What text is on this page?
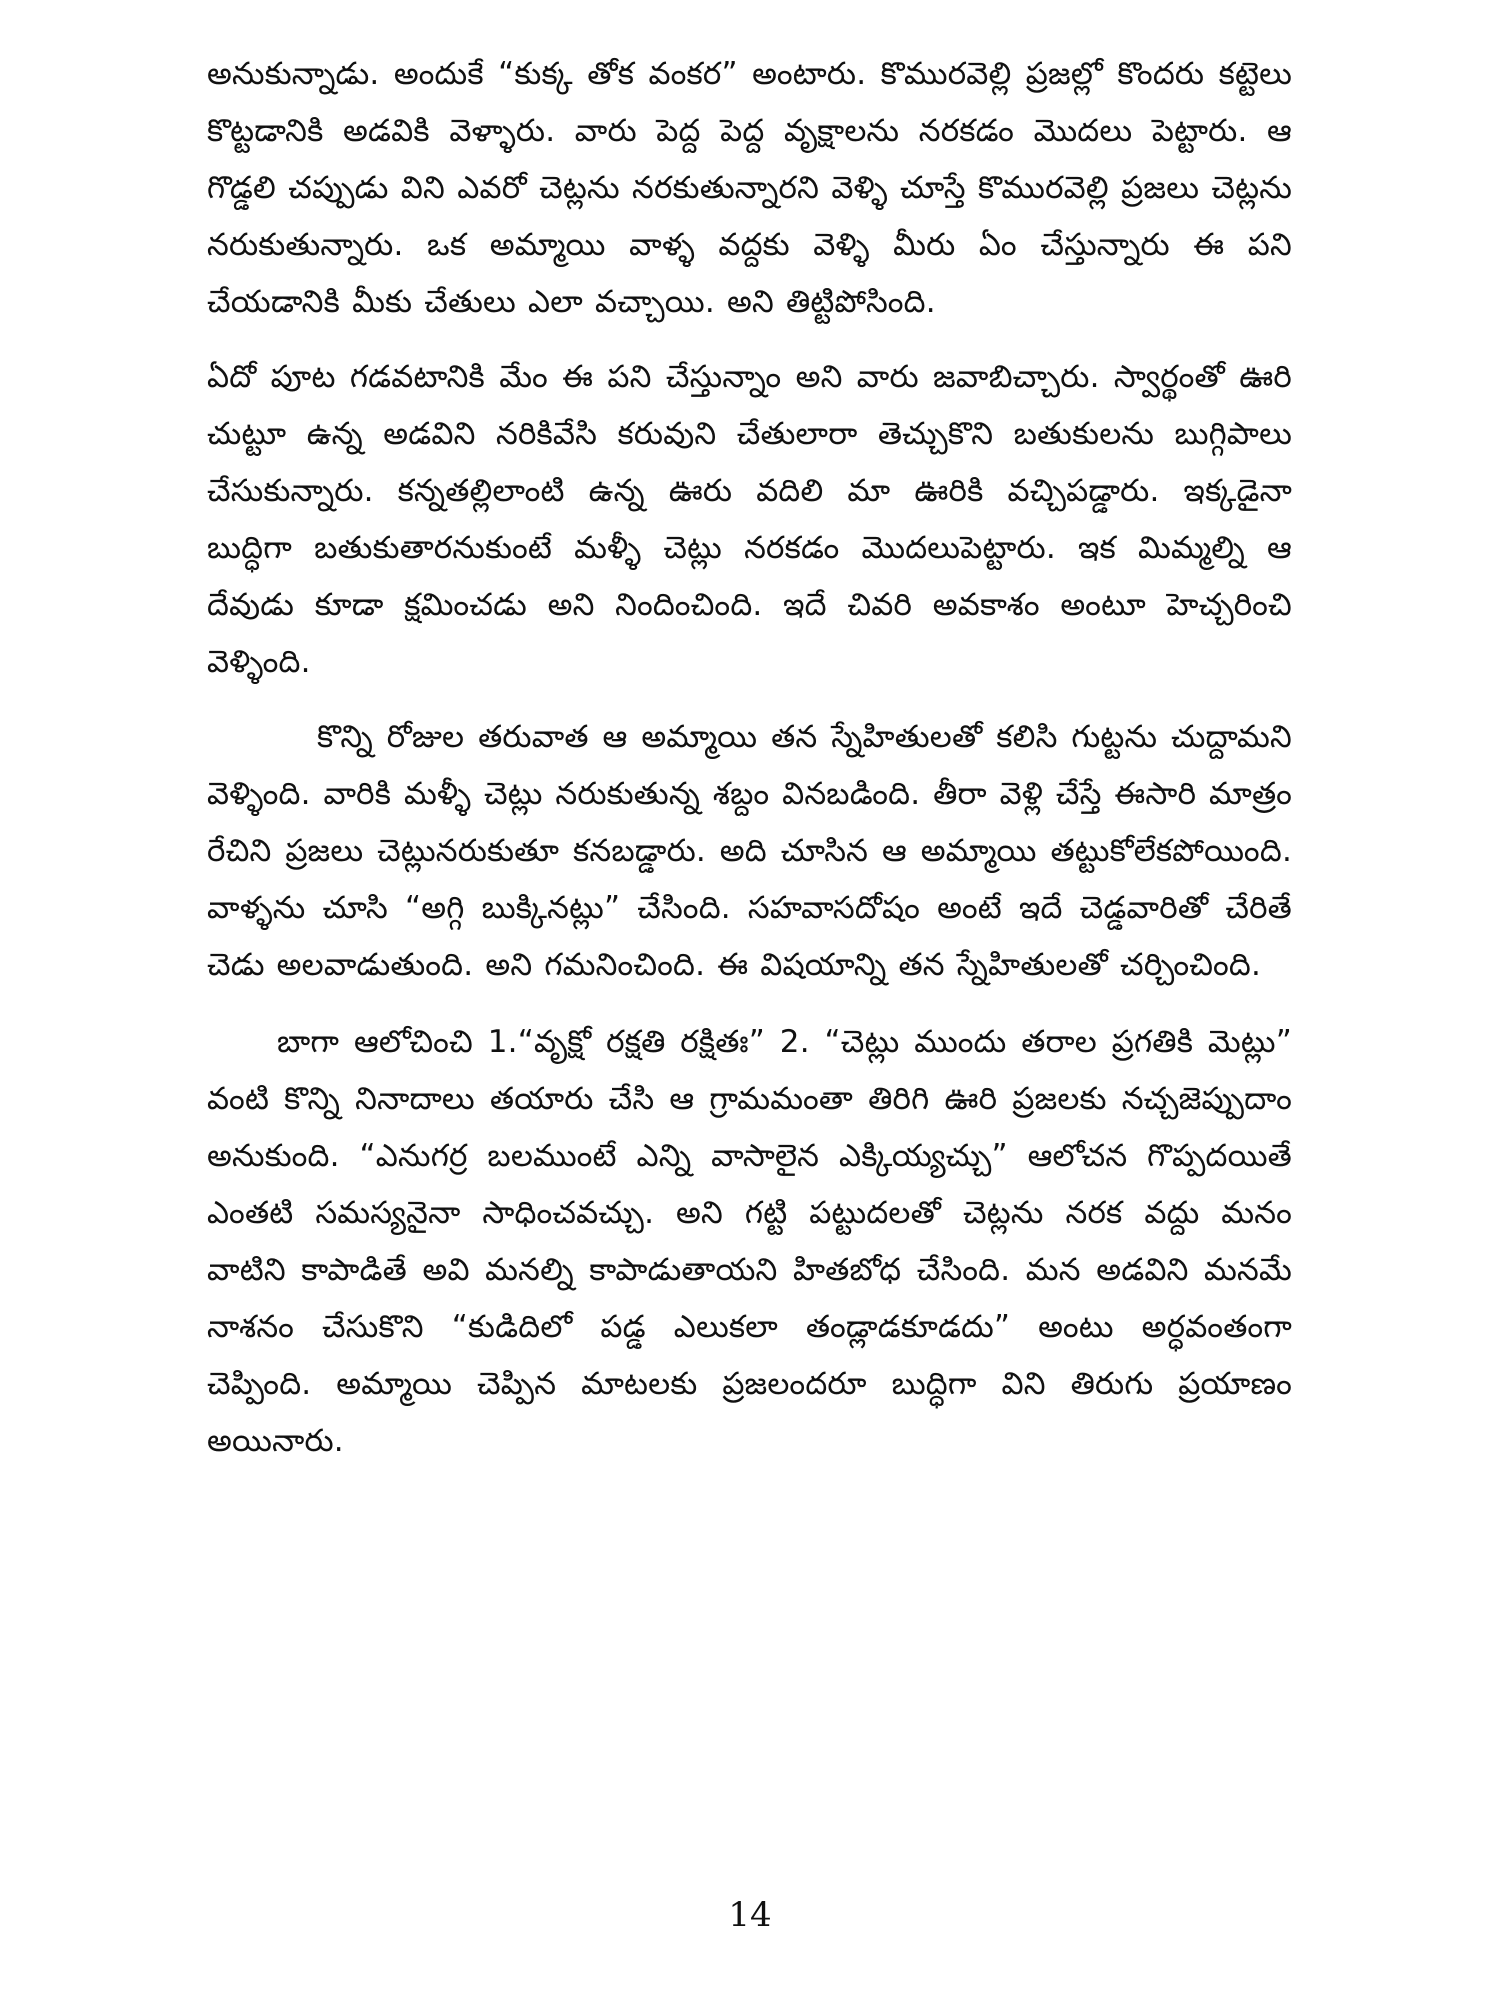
అనుకున్నాడు. అందుకే “కుక్క తోక వంకర” అంటారు. కొమురవెల్లి ప్రజల్లో కొందరు కట్టెలు కొట్టడానికి అడవికి వెళ్ళారు. వారు పెద్ద పెద్ద వృక్షాలను నరకడం మొదలు పెట్టారు. ఆ గొడ్డలి చప్పుడు విని ఎవరో చెట్లను నరకుతున్నారని వెళ్ళి చూస్తే కొమురవెల్లి ప్రజలు చెట్లను నరుకుతున్నారు. ఒక అమ్మాయి వాళ్ళ వద్దకు వెళ్ళి మీరు ఏం చేస్తున్నారు ఈ పని చేయడానికి మీకు చేతులు ఎలా వచ్చాయి. అని తిట్టిపోసింది.

ఏదో పూట గడవటానికి మేం ఈ పని చేస్తున్నాం అని వారు జవాబిచ్చారు. స్వార్థంతో ఊరి చుట్టూ ఉన్న అడవిని నరికివేసి కరువుని చేతులారా తెచ్చుకొని బతుకులను బుగ్గిపాలు చేసుకున్నారు. కన్నతల్లిలాంటి ఉన్న ఊరు వదిలి మా ఊరికి వచ్చిపడ్డారు. ఇక్కడైనా బుద్ధిగా బతుకుతారనుకుంటే మళ్ళీ చెట్లు నరకడం మొదలుపెట్టారు. ఇక మిమ్మల్ని ఆ దేవుడు కూడా క్షమించడు అని నిందించింది. ఇదే చివరి అవకాశం అంటూ హెచ్చరించి వెళ్ళింది.

కొన్ని రోజుల తరువాత ఆ అమ్మాయి తన స్నేహితులతో కలిసి గుట్టను చుద్దామని వెళ్ళింది. వారికి మళ్ళీ చెట్లు నరుకుతున్న శబ్దం వినబడింది. తీరా వెళ్లి చేస్తే ఈసారి మాత్రం రేచిని ప్రజలు చెట్లునరుకుతూ కనబడ్డారు. అది చూసిన ఆ అమ్మాయి తట్టుకోలేకపోయింది. వాళ్ళను చూసి “అగ్గి బుక్కినట్లు” చేసింది. సహవాసదోషం అంటే ఇదే చెడ్డవారితో చేరితే చెడు అలవాడుతుంది. అని గమనించింది. ఈ విషయాన్ని తన స్నేహితులతో చర్చించింది.

బాగా ఆలోచించి 1.“వృక్షో రక్షతి రక్షితః” 2. “చెట్లు ముందు తరాల ప్రగతికి మెట్లు” వంటి కొన్ని నినాదాలు తయారు చేసి ఆ గ్రామమంతా తిరిగి ఊరి ప్రజలకు నచ్చజెప్పుదాం అనుకుంది. “ఎనుగర్ర బలముంటే ఎన్ని వాసాలైన ఎక్కియ్యచ్చు” ఆలోచన గొప్పదయితే ఎంతటి సమస్యనైనా సాధించవచ్చు. అని గట్టి పట్టుదలతో చెట్లను నరక వద్దు మనం వాటిని కాపాడితే అవి మనల్ని కాపాడుతాయని హితబోధ చేసింది. మన అడవిని మనమే నాశనం చేసుకొని “కుడిదిలో పడ్డ ఎలుకలా తండ్లాడకూడదు” అంటు అర్ధవంతంగా చెప్పింది. అమ్మాయి చెప్పిన మాటలకు ప్రజలందరూ బుద్ధిగా విని తిరుగు ప్రయాణం అయినారు.

14
